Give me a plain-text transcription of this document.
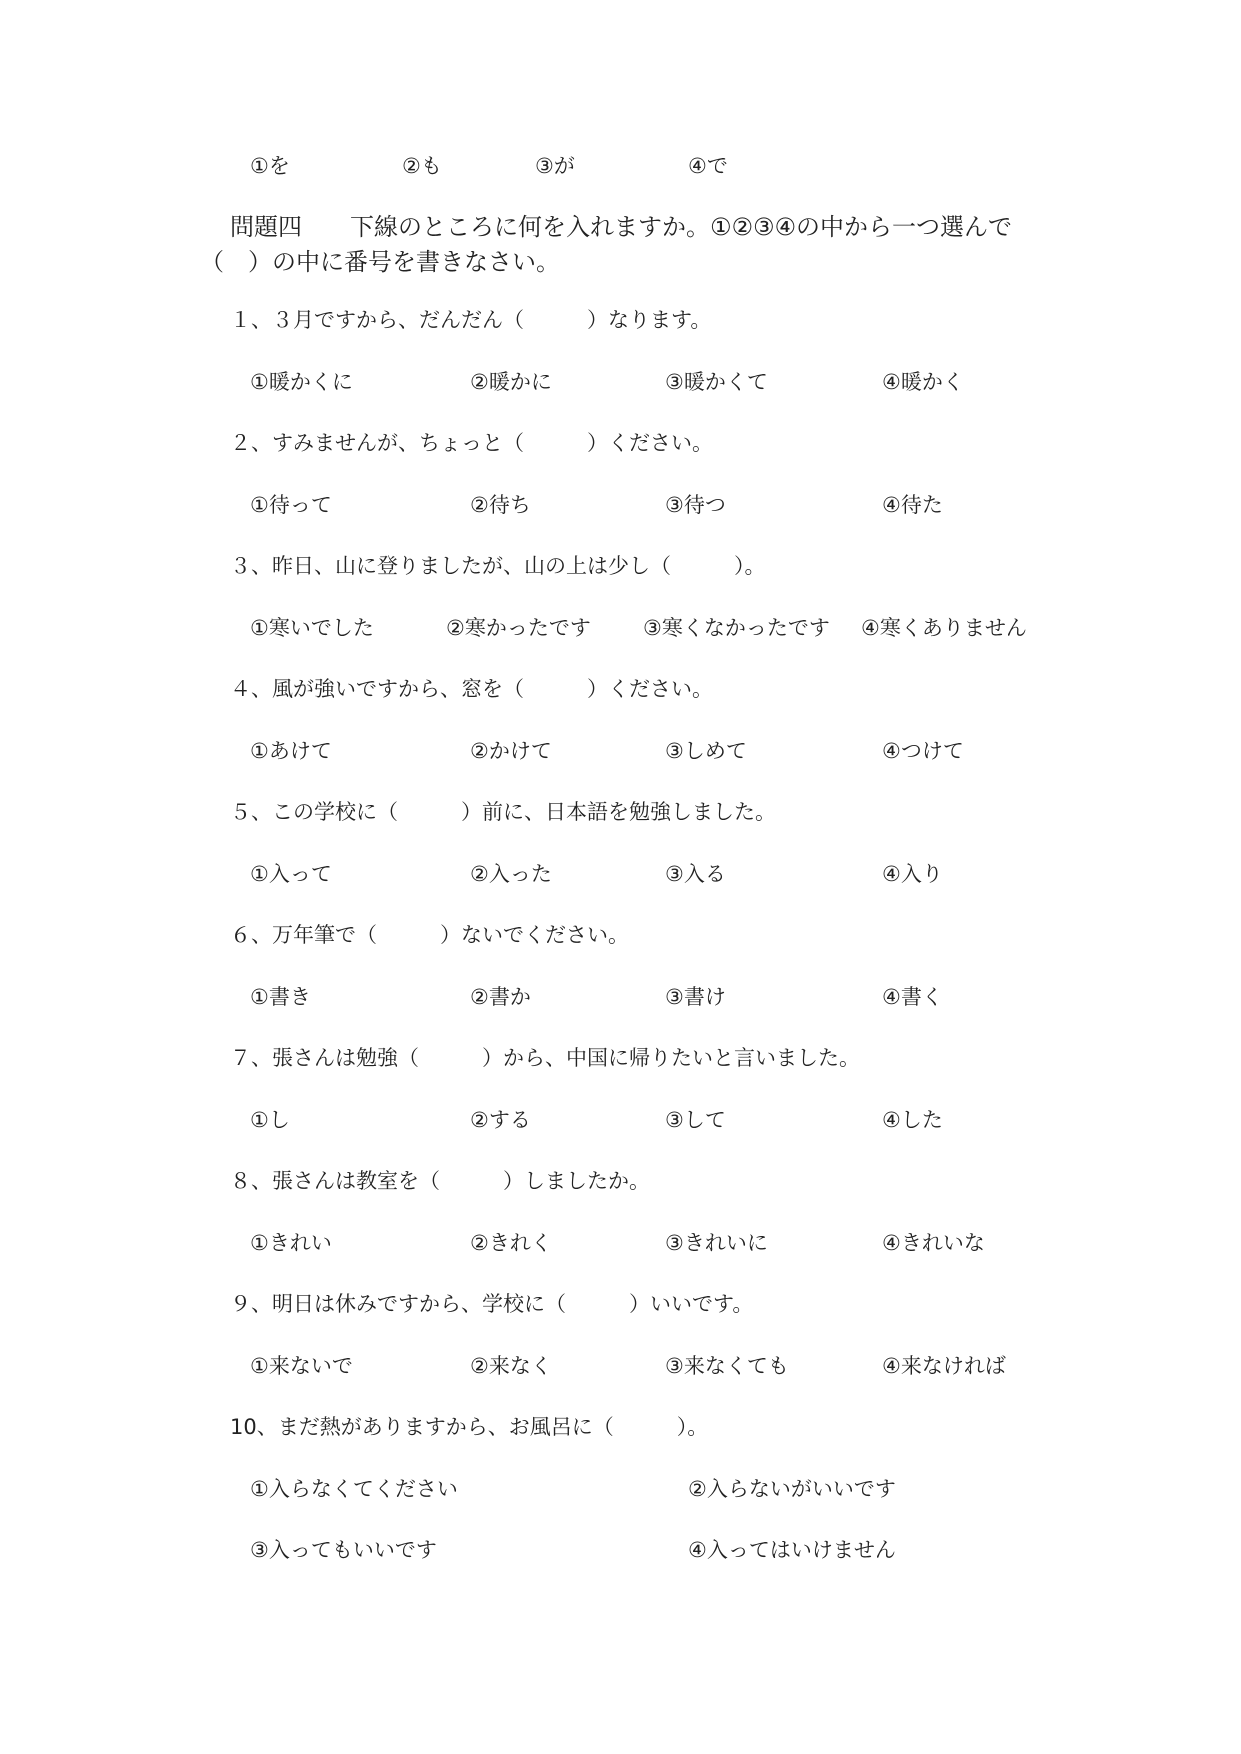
①を	②も	③が	④で
問題四　　下線のところに何を入れますか。①②③④の中から一つ選んで
（　）の中に番号を書きなさい。
１、３月ですから、だんだん（　　　）なります。
①暖かくに	②暖かに	③暖かくて	④暖かく
２、すみませんが、ちょっと（　　　）ください。
①待って	②待ち	③待つ	④待た
３、昨日、山に登りましたが、山の上は少し（　　　）。
①寒いでした	②寒かったです ③寒くなかったです ④寒くありません
４、風が強いですから、窓を（　　　）ください。
①あけて	②かけて	③しめて	④つけて
５、この学校に（　　　）前に、日本語を勉強しました。
①入って	②入った	③入る	④入り
６、万年筆で（　　　）ないでください。
①書き	②書か	③書け	④書く
７、張さんは勉強（　　　）から、中国に帰りたいと言いました。
①し	②する	③して	④した
８、張さんは教室を（　　　）しましたか。
①きれい	②きれく	③きれいに	④きれいな
９、明日は休みですから、学校に（　　　）いいです。
①来ないで	②来なく	③来なくても	④来なければ
10、まだ熱がありますから、お風呂に（　　　）。
①入らなくてください	②入らないがいいです
③入ってもいいです	④入ってはいけません
